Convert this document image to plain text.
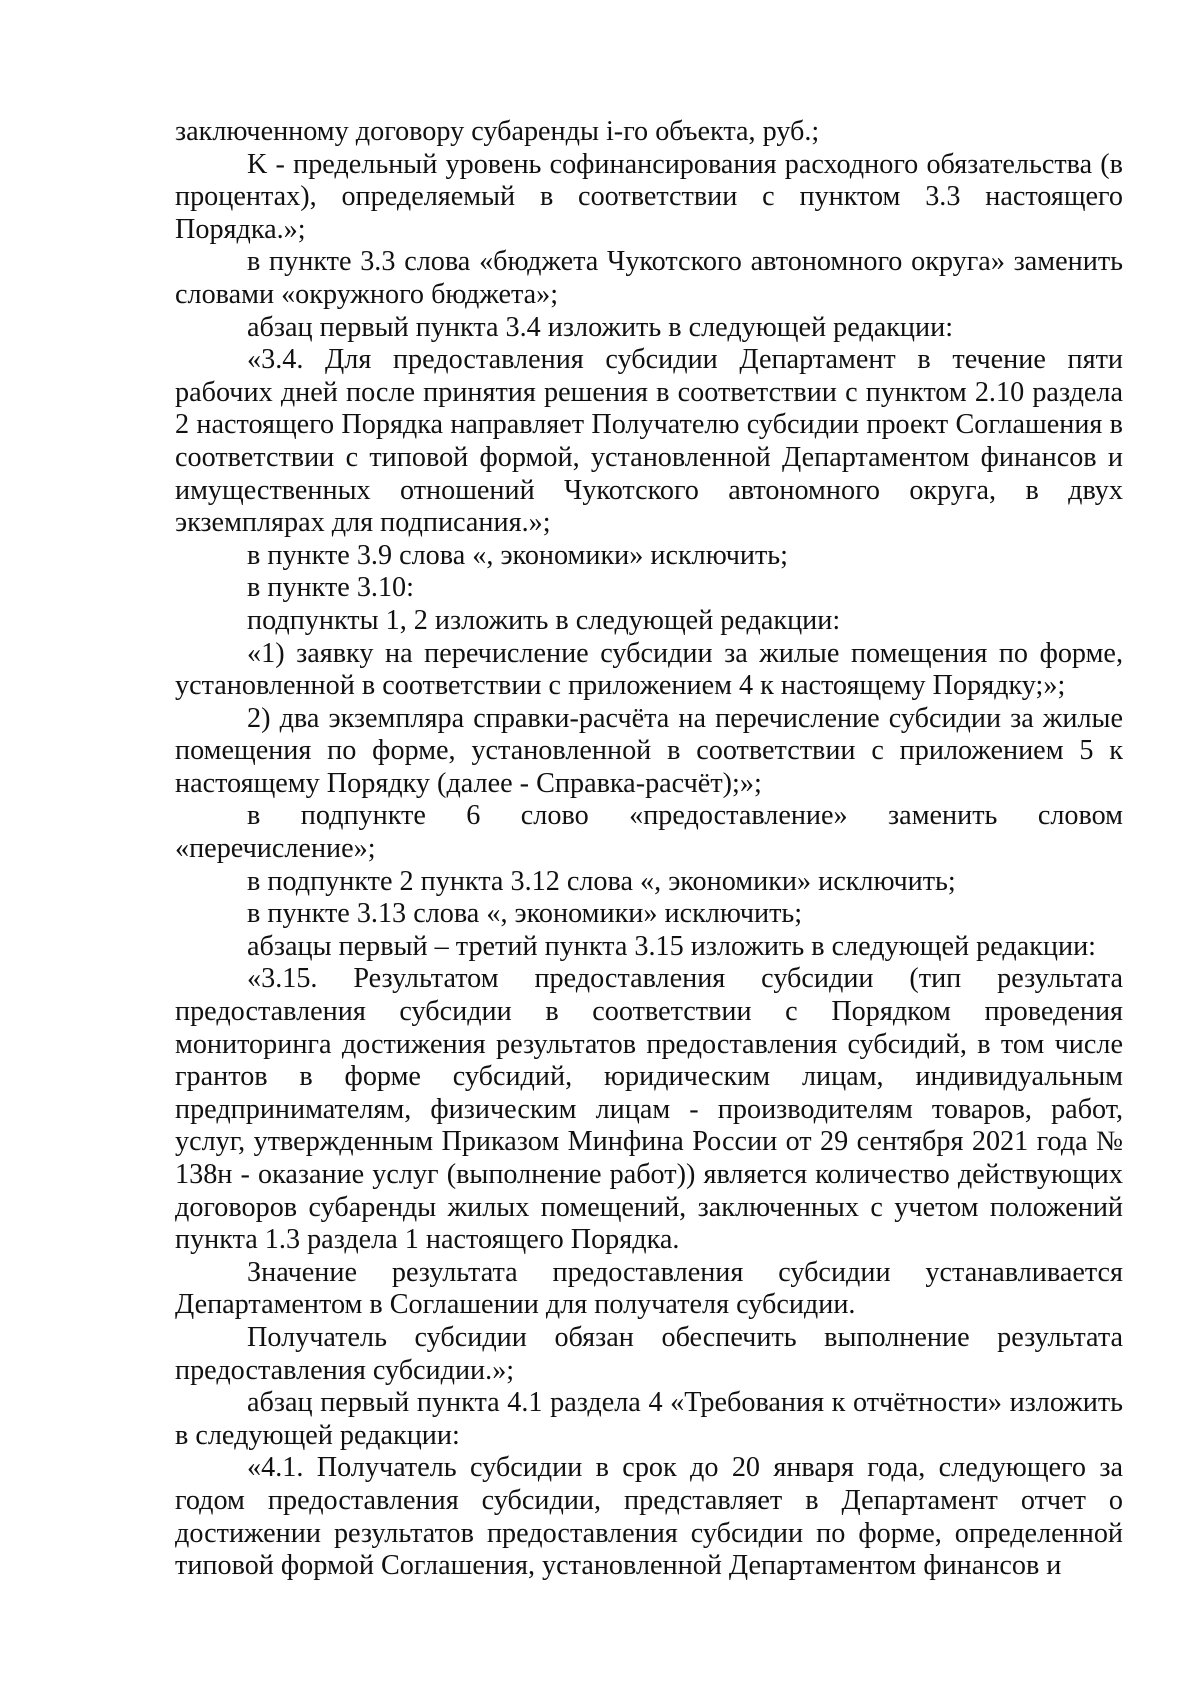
заключенному договору субаренды i-го объекта, руб.;

K - предельный уровень софинансирования расходного обязательства (в процентах), определяемый в соответствии с пунктом 3.3 настоящего Порядка.»;

в пункте 3.3 слова «бюджета Чукотского автономного округа» заменить словами «окружного бюджета»;

абзац первый пункта 3.4 изложить в следующей редакции:

«3.4. Для предоставления субсидии Департамент в течение пяти рабочих дней после принятия решения в соответствии с пунктом 2.10 раздела 2 настоящего Порядка направляет Получателю субсидии проект Соглашения в соответствии с типовой формой, установленной Департаментом финансов и имущественных отношений Чукотского автономного округа, в двух экземплярах для подписания.»;

в пункте 3.9 слова «, экономики» исключить;

в пункте 3.10:

подпункты 1, 2 изложить в следующей редакции:

«1) заявку на перечисление субсидии за жилые помещения по форме, установленной в соответствии с приложением 4 к настоящему Порядку;»;

2) два экземпляра справки-расчёта на перечисление субсидии за жилые помещения по форме, установленной в соответствии с приложением 5 к настоящему Порядку (далее - Справка-расчёт);»;

в подпункте 6 слово «предоставление» заменить словом «перечисление»;

в подпункте 2 пункта 3.12 слова «, экономики» исключить;

в пункте 3.13 слова «, экономики» исключить;

абзацы первый – третий пункта 3.15 изложить в следующей редакции:

«3.15. Результатом предоставления субсидии (тип результата предоставления субсидии в соответствии с Порядком проведения мониторинга достижения результатов предоставления субсидий, в том числе грантов в форме субсидий, юридическим лицам, индивидуальным предпринимателям, физическим лицам - производителям товаров, работ, услуг, утвержденным Приказом Минфина России от 29 сентября 2021 года № 138н - оказание услуг (выполнение работ)) является количество действующих договоров субаренды жилых помещений, заключенных с учетом положений пункта 1.3 раздела 1 настоящего Порядка.

Значение результата предоставления субсидии устанавливается Департаментом в Соглашении для получателя субсидии.

Получатель субсидии обязан обеспечить выполнение результата предоставления субсидии.»;

абзац первый пункта 4.1 раздела 4 «Требования к отчётности» изложить в следующей редакции:

«4.1. Получатель субсидии в срок до 20 января года, следующего за годом предоставления субсидии, представляет в Департамент отчет о достижении результатов предоставления субсидии по форме, определенной типовой формой Соглашения, установленной Департаментом финансов и
